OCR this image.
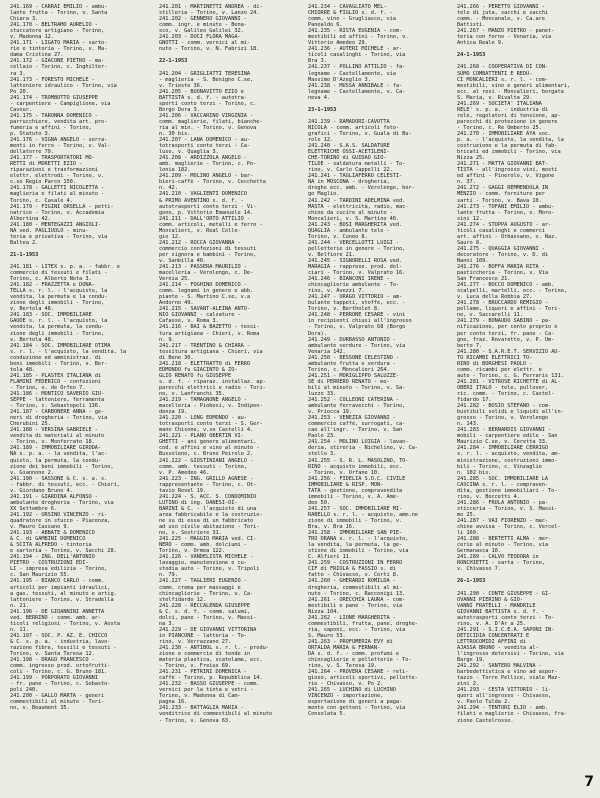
241.169 - CARRAI EMILIO - ambu-
lante frutta - Torino, v. Santa
Chiara 3.
241.170 - BELTRAMO AURELIO -
stuccatore artigiano - Torino,
v. Madonna 12.
241.171 - LIGATO MARIA - sarto-
rie e tintoria - Torino, v. Ma-
dama Cristina 27.
241.172 - GIACONE PIETRO - ma-
cellaio - Torino, c. Inghilter-
ra 3.
241.173 - FORESTO MICHELE -
lattoniere idraulico - Torino, via
Po 20.
241.174 - TROMBOTTO GIUSEPPE
- carpentiere - Campiglione, via
Cavour.
241.175 - TARONNA DOMENICO -
parrucchiere, vendita art. pro-
fumeria e affini - Torino,
p. Statuto 3.
241.176 - VIGNA ANGELO - serra-
menti in ferro - Torino, v. Val-
dellatorre 79.
241.177 - TRASPORTATORI MO-
RETTI di MORETTI EZIO -
riparazioni e trasformazioni
elettr. elettrodi - Torino, v.
c.so Regio Parco 150.
241.178 - GALLETTI NICOLETTA -
maglieria e filati al minuto -
Torino, c. Casale 4.
241.179 - FIGINI ORSELLA - petti-
natrice - Torino, v. Accademia
Albertina 42.
241.180 - MENTEGAZZI ANGIOLI-
NA ved. PAGLIUOLO - minu-
teria e privativa - Torino, via
Baltea 2.
21-1-1953
241.181 - LITEX s. p. a. - fabbr. e
commercio di tessuti e filati -
Torino, c. Alberto Nota 3.
241.182 - FRAZZETTA e DONA-
TELLA s. r. l. - l'acquisto, la
vendita, la permuta e la condu-
zione degli immobili - Torino,
v. Bertola 48.
241.183 - SOC. IMMOBILIARE
GAUDE s. r. l. - l'acquisto, la
vendita, la permuta, la condu-
zione degli immobili - Torino,
v. Bertola 48.
241.184 - SOC. IMMOBILIARE OTIMA
s. r. l. - l'acquisto, la vendita, la
conduzione ed amministraz. di
beni immobili - Torino, v. Ber-
tola 48.
241.185 - PLASTEX ITALIANA di
FLAMINI FEDERICO - confezioni
- Torino, v. de Orfeo 7.
241.186 - MONTICO SAVERIO GIU-
SEPPE - lattoniere, ferramenta
- Torino, c. Sebastopoli 136.
241.187 - CARBONERE ANNA - ge-
neri di drogheria - Torino, via
Cherubini 25.
241.188 - VERSINA GABRIELE -
vendita di materiali al minuto
- Torino, v. Monferrato 18.
241.189 - IMMOBILIARE GIRODA-
NA s. p. a. - la vendita, l'ac-
quisto, la permuta, la condu-
zione dei beni immobili - Torino,
v. Giannone 2.
241.190 - SASSONE & C. s. a. s.
- fabbr. di tessuti, ecc. - Chieri,
v. Giordano Bruno 4.
241.191 - GIARDINA ALFONSO -
ambulante drogheria - Torino, via
XX Settembre 6.
241.192 - URSINO VINCENZO - ri-
quadratore in stucco - Piacenza,
v. Mauro Cassano 9.
241.193 - ABBATE & DOMENICO
& C. di GAMBINI DOMENICO
& SCITA ALFREDO - tintoria
e sartoria - Torino, v. Sacchi 28.
241.194 - ING. DELL'ANTONIO
PIETRO - COSTRUZIONI EDI-
LI - impresa edilizia - Torino,
c. San Maurizio 55.
241.195 - BIANCO CARLO - comm.
articoli per impianti idraulici,
a gas, tessuti, al minuto e artig.
lattoniere - Torino, v. Stradella
n. 21.
241.196 - DE GIOANNINI ANNETTA
ved. BERRINO - comm. amb. ar-
ticoli religiosi - Torino, v. Aosta
n. 11.
241.197 - SOC. P. AZ. E. CHICCO
& C. s. p. a. - industria, lavo-
razione fibre, tessili e tessuti -
Torino, v. Santa Teresa 12.
241.198 - DRAGO FRANCESCO -
comm. ingrosso prod. ortofrutti-
coli - Torino, c. G. Bruno 181.
241.199 - PORPORATO GIOVANNI
- fr. pane - Torino, c. Sebasto-
poli 240.
241.200 - GALLO MARTA - generi
commestibili al minuto - Tori-
no, v. Beaumont 35.
241.201 - MARTINETTI ANDREA - di-
stilleria - Torino, v. Lanzo 24.
241.202 - GENNERO GIOVANNI -
comm. ingr. e minuto - Bena-
sco, v. Galileo Galilei 32.
241.203 - DUCI FLORA MAGA-
GNOTTI - comm. vernici al mi-
nuto - Torino, v. N. Fabrizi 18.
22-1-1953
241.204 - GRIGLIATTI TERESINA
- maglieria - S. Benigno C.se,
v. Trieste 36.
241.205 - BUONAVITTO EZIO e
BATTISTA s. d. f. - autotra-
sporti conto terzi - Torino, c.
Borgo Dora 3.
241.206 - VACCARINO VIRGINIA -
comm. maglierie, filati, bianche-
ria al min. - Torino, v. Genova
n. 30 bis.
241.207 - LANA DOMENICO - au-
totrasporti conto terzi - Ca-
luso, v. Quaglia 3.
241.208 - ARDIZZOLA ANGELO -
amb. maglierie - Torino, c. Po-
lonia 182.
241.209 - MOLINO ANGELO - bar-
bieri-caffè - Torino, v. Cecchetta
n. 42.
241.210 - VAGLIENTI DOMENICO
& PRIMO AVENTINO s. d. f. -
autotrasporti conto terzi - Vi-
gone, p. Vittorio Emanuele 14.
241.211 - DALL'ORTO ATTILIO -
comm. articoli, metalli e ferro -
Moncalieri, v. Real Colle-
gio 12.
241.212 - ROCCA GIOVANNA -
commercio confezioni di tessuti
per signora e bambini - Torino,
v. Sanbilla 40.
241.213 - PASSERA MAURILIO -
macelleria - Verolengo, c. De-
Vernia 25.
241.214 - FOGHINO DOMENICO -
comm. legnami in genere e abb.
piante - S. Martino C.se, v.a
Andorno 49.
241.215 - SAVANT-ALEINA ANTO-
NIO GIOVANNI - calzature -
Cafasse, v. Roma 3.
241.216 - BAI & BAZETTO - tessi-
tura artigiana - Chieri, v. Roma
n. 9.
241.217 - TRENTINO & CHIARA -
tessitura artigiana - Chieri, via
di Bene 30.
241.218 - ELETTRATTO di FERRO
EDMONDO fu GIACINTO & ZO-
GLIO RENATO fu GIUSEPPE
s. d. f. - riparaz. installaz. ap-
parecchi elettrici e radio - Tori-
no, v. Lanfranchi 35.
241.219 - TAMAGNONE ANGELO -
macelleria - Piobesi, v. Indipen-
denza 19.
241.220 - LONG EDMONDO - au-
totrasporti conto terzi - S. Ger-
mano Chisone, v.so Castelli 4.
241.221 - PLANO OBERTIN VI-
GHETTI - ani genere alimentari,
cod. e affini e vino al minuto -
Bussoleno, c. Bruno Peirolo 2.
241.222 - GIUSTINIANI ANGELO -
comm. amb. tessuti - Torino,
v. P. Amedeo 46.
241.223 - ING. GRILLO AGNESE -
rappresentante - Torino, c. Ot-
tavio Revel 19.
241.224 - S. ACC. S. CONDOMINIO
LUTINO di ing. DANESI-OI-
BARINI & C. - l'acquisto di una
area fabbricabile e la costruzio-
ne su di essa di un fabbricato
ad uso civile abitazione - Tori-
no, v. Sestriere 31.
241.225 - MAGGIO MARIA ved. CI-
NERO - comm. amb. dolciumi -
Torino, v. Ormea 122.
241.226 - VANDELISTA MICHELE -
lavaggio, manutenzione e cu-
stodia auto - Torino, v. Tripoli
n. 79.
241.227 - TAGLIERI EUGENIO -
comm. crema per massaggi e
chincaglierie - Torino, v. Ca-
stelfidardo 12.
241.228 - RECCALENDA GIUSEPPE
& C. s. d. f. - comm. salumi,
dolci, pane - Torino, v. Massi-
na 3.
241.229 - DE GIOVANNI VITTORINA
in PIANCONE - latteria - To-
rino, v. Verrazzano 27.
241.230 - ANTIBOL s. r. l. - produ-
zione e commercio di tende in
materia plastica, scatolame, ecc.
- Torino, v. Freius 69.
241.231 - PETRINI DOMENICA -
caffè - Torino, p. Repubblica 14.
241.232 - BASSO GIUSEPPE - comm.
vernici per la tinta e vetri -
Torino, v. Madonna di Cam-
pagna 16.
241.233 - BATTAGLIA MARIA -
venditrice di commestibili al minuto
- Torino, v. Genova 63.
241.234 - CAVAGLIATO MEL-
CHIORRE & FIGLIO s. d. f. -
comm. vino - Grugliasco, via
Panealdo 6.
241.235 - RISTA EUGENIA - com-
mestibili ed affini - Torino, v.
Vittorio Amedeo 29.
241.236 - AUTERI MICHELE - ar-
ticoli casalinghi - Torino, via
Bra 3.
241.237 - POLLINO ATTILIO - fa-
legname - Castellamonte, via
Massimo D'Azeglio 3.
241.238 - MUSSA ANNIBALE - fa-
legname - Castellamonte, v. Ca-
neva 4.
23-1-1953
241.239 - RAMADORI-CAVOTTA
NICOLA - comm. articoli foto-
grafici - Torino, v. Guala di Bu-
rolo 12.
241.240 - S.A.S. SALDATURE
ELETTRICHE OSSI-ACETILENI-
CHE-TORINO di GUIDAO GIO-
TILDE - saldatura metalli - To-
rino, v. Carlo Cappelli 22.
241.241 - TAGLIAFERRO CELESTI-
NA in MOSCONA - drogheria,
droghe ecc. amb. - Verolengo, bor-
go Maglio.
241.242 - TARDINI ADELMINA ved.
MASTA - elettricità, radio, mac-
chine da cucire al minuto -
Moncalieri, v. S. Martino 40.
241.243 - BOSI MARGHERITA ved.
QUAGLIA - ambulante tele -
Torino, v. Cuneo 8.
241.244 - VERCELLOTTI LUIGI -
pelletterie in genere - Torino,
v. Belfiore 21.
241.245 - SIGNORELLI ROSA ved.
MARAGIA - rapprese. prod. dol-
ciari - Torino, v. Valprato 16.
241.246 - BIANCONI IRENE -
chincaglierie ambulante - To-
rino, v. Avezzi 7.
241.247 - URAGO VITTORIO - am-
bulante tappeti, stoffe, ecc. -
Torino, v. Bertholet 8.
241.248 - PERRONE CESARE - vini
in recipienti chiusi all'ingrosso
- Torino, v. Valprato 68 (Borgo
Dora).
241.249 - DURBASSO ANTONIO -
ambulante verdure - Torino, via
Venaria 142.
241.250 - BESSONE CELESTINO -
ambulante frutta e verdura -
Torino, c. Moncalieri 264.
241.251 - MORIGLIPPO SALUZZE-
SE di PERRERO RENATO - mo-
bili al minuto - Torino, v. Sa-
luzzo 33.
241.252 - COLLEONI CATERINA -
ambulante ferravecchi - Torino,
v. Priocca 19.
241.253 - VENEZIA GIOVANNI -
commercio caffè, surrogati, ca-
cao all'ingr. - Torino, v. San
Paolo 23.
241.254 - MOLINO LUIGIA - lavan-
deria, stireria - Nichelino, v. Ca-
stello 3.
241.255 - S. R. L. MASOLINO, TO-
RINO - acquisto immobili, ecc.
- Torino, v. Orfane 10.
241.256 - FIDELIA S.O.C. CIVILE
IMMOBILIARE & RISP. MON-
TATA - gestione, compravendita
immobili - Torino, v. A. Ame-
deo 50.
241.257 - SOC. IMMOBILIARE MI-
RABELLO s. r. l. - acquisto, amm.ne
zione di immobili - Torino, v.
Bra, v. Bra 16.
241.258 - IMMOBILIARE SAN PIE-
TRO ORANA s. r. l. - l'acquisto,
la vendita, la permuta, la ge-
stione di immobili - Torino, via
C. Alfieri 11.
241.259 - COSTRUZIONI IN FERRO
CIF di FRIOLA & FASSIO s. di
fatto - Chivasso, v. Corti 8.
241.260 - GHERARDI ROMILDA -
drogheria, commestibili al mi-
nuto - Torino, c. Racconigi 13.
241.261 - ORECCHIA LAURA - com-
mestibili e pane - Torino, via
Nizza 104.
241.262 - LIONE MARGHERITA -
commestibili, frutta, pane, droghe-
ria, saponi, ecc. - Torino, via
S. Mauro 53.
241.263 - PROFUMERIA EVY di
ORTALDA MARIA & FERNAN-
DA s. d. f. - comm. profumi e
chincaglierie e pelletterie - To-
rino, v. S. Teresa 19.
241.264 - PROVERA CESARE - reli-
gioso, articoli sportivi, pellette-
rie - Chivasso, v. Po 2.
241.265 - LUCHINO di LUCHINO
VINCENZO - importazione,
esportazione di generi a paga-
mento con gettoni - Torino, via
Consolata 5.
241.266 - PERETTO GIOVANNI -
tele di juta, sacchi e sacchi
comm. - Moncanale, v. Ca.are
Battisti.
241.267 - MANZO PIETRO - panet-
teria con forno - Venaria, via
Antica Reale 9.
24-1-1953
241.268 - COOPERATIVA DI CON-
SUMO COMBATTENTI E REDU-
CI MONCALIERI s. r. l. - com-
mestibili, vino e generi alimentari,
ecc. al resi - Moncalieri, borgata
S. Maria, v. Rivalta 29.
241.269 - SOCIETA' ITALIANA
RELE' s. p. a. - industria di
relè, regolatori di tensione, ap-
parecchi di protezione in genere
- Torino, c. Re Umberto 25.
241.270 - IMMOBILIARE AYA soc.
p. a. - l'acquisto, la vendita, la
costruzione e la permuta di fab-
bricati ed immobili - Torino, via
Nizza 25.
241.271 - MATTA GIOVANNI BAT-
TISTA - all'ingrosso vini, mosti
ed affini - Pinerolo, v. Vigone
n. 37.
241.272 - GAGGI REMMENDOLA IN
MENZIO - comm. forniture per
sarti - Torino, v. Bava 10.
241.273 - TOFANI EMILIO - ambu-
lante frutta - Torino, v. Moro-
sini 12.
241.274 - STOPPA AUGUSTO - ar-
ticoli casalinghi e commerci
art. affini - Orbassano, v. Naz.
Sauro 8.
241.275 - QUAGGIA GIOVANNI -
decoratore - Torino, v. D. di
Nanni 109.
241.276 - BOFFA MARIA RITA -
pasticcheria - Torino, v. Via
San Francesco 21.
241.277 - BOCCO DOMENICO - amb.
scalpelli, martelli, ecc. - Torino,
v. Luca della Robbia 27.
241.278 - BRUCCARDO REMIGIO -
pellame, liquori e affini - Tori-
no, v. Saccarelli 11.
241.279 - BONAUDO SABINO - pa-
nificazione, per conto proprio e
per conto terzi, fr. pane - Ca-
gne, fraz. Rovaretto, v. P. Um-
berto 7.
241.280 - S.A.R.E.T. SERVIZIO AU-
TO RICAMBI ELETTRICI TO-
RINO di BORGHESI PAOLO -
comm. ricambi per elettr. e
auto - Torino, c. G. Ferraris 131.
241.281 - VITROSE RICHETTE di AL-
OBERI ITALO - tele, pullover,
ric. comm. - Torino, c. Castel-
fidardo 17.
241.282 - BOSIO STEFANO - com-
bustibili solidi e liquidi all'in-
grosso - Torino, v. Verolengo
n. 143.
241.283 - BERNARDIS GIOVANNI -
mobili - carpentiere edile - San
Maurizio C.se, v. Ceretta 33.
241.284 - IMMOBILIARE CERRIGO
s. r. l. - acquisto, vendita, am-
ministrazione, costruzioni immo-
bili - Torino, c. Vinzaglio
n. 102 bis.
241.285 - SOC. IMMOBILIARE LA
CASCINA s. r. l. - compraven-
dita, gestione immobiliari - To-
rino, v. Boccetti 4.
241.286 - FROLA ANTONIO - pa-
sticceria - Torino, v. S. Massi-
mo 25.
241.287 - VAI FIORENZO - mac-
chine avvisa - Torino, c. Vercel-
li 160.
241.288 - BERTETTI ALMA - mer-
cerie al minuto - Torino, via
Germanasca 10.
241.289 - CALVO TEODORA in
RONCHIETTI - sarta - Torino,
v. Chivasso 7.
26-1-1953
241.290 - CONTE GIUSEPPE - GI-
OVANNI PIERINO & GIO-
VANNI FRATELLI - MANDRILE
GIOVANNI BATTISTA s. d. f. -
autotrasporti conto terzi - To-
rino, v. A. D'Ar a 25.
241.291 - S.I.C.E.A. SAPONI IN-
DETICIDIA CONCENTRATI E
LETTROCOMIDI AFFINI di
AJASSA BRUNO - vendita al-
l'ingrosso detersivi - Torino, via
Barge 19.
241.292 - SANTERO MALVINA -
barbedettistica e vino ad aspor-
tazio - Torre Pellice, viale Maz-
zini 2.
241.293 - CESTA VITTORIO - li-
quori all'ingrosso - Chivasso,
v. Paolo Tulda 2.
241.294 - TENTORI ELIO - amb.
filati e maglierie - Chivasso, fra-
zione Castelrosso.
7
